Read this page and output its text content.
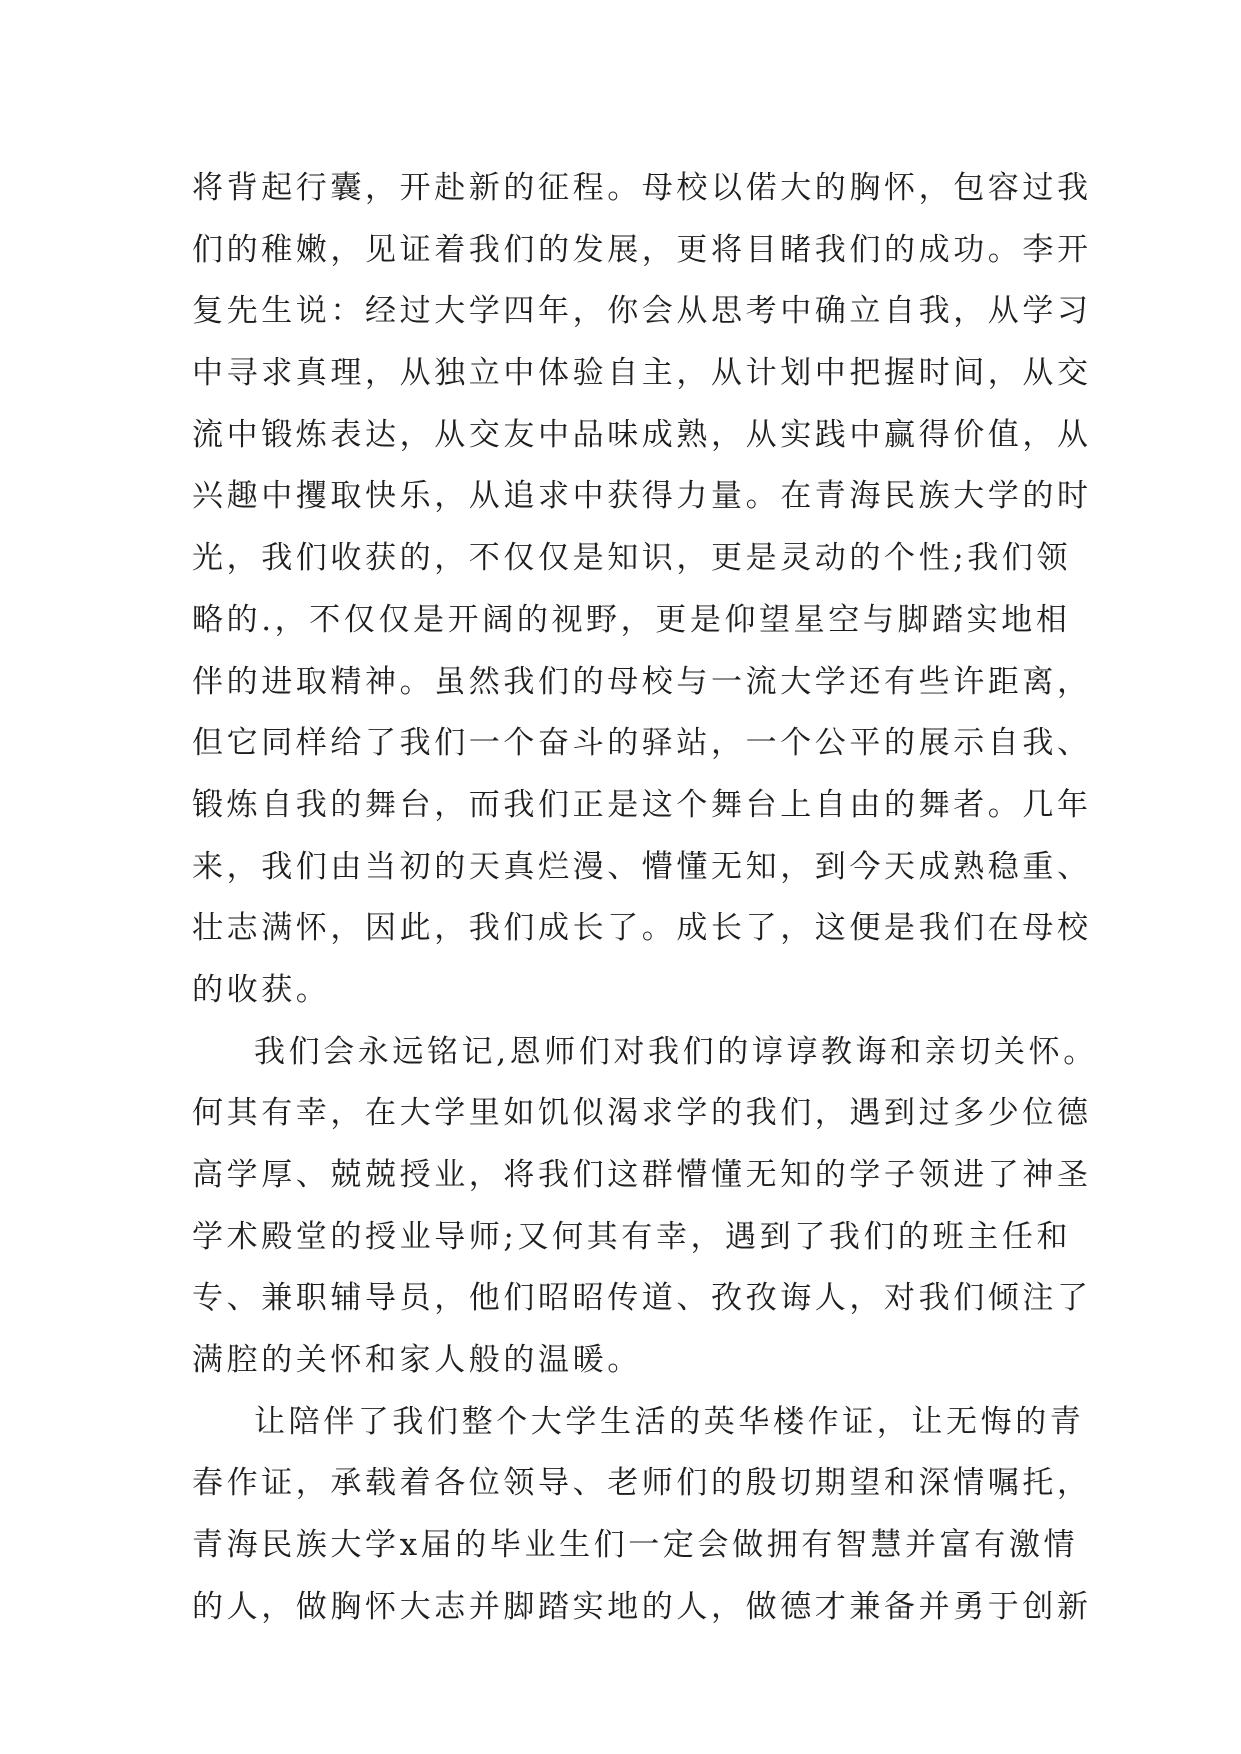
将背起行囊，开赴新的征程。母校以偌大的胸怀，包容过我
们的稚嫩，见证着我们的发展，更将目睹我们的成功。李开
复先生说：经过大学四年，你会从思考中确立自我，从学习
中寻求真理，从独立中体验自主，从计划中把握时间，从交
流中锻炼表达，从交友中品味成熟，从实践中赢得价值，从
兴趣中攫取快乐，从追求中获得力量。在青海民族大学的时
光，我们收获的，不仅仅是知识，更是灵动的个性;我们领
略的.，不仅仅是开阔的视野，更是仰望星空与脚踏实地相
伴的进取精神。虽然我们的母校与一流大学还有些许距离，
但它同样给了我们一个奋斗的驿站，一个公平的展示自我、
锻炼自我的舞台，而我们正是这个舞台上自由的舞者。几年
来，我们由当初的天真烂漫、懵懂无知，到今天成熟稳重、
壮志满怀，因此，我们成长了。成长了，这便是我们在母校
的收获。
我们会永远铭记,恩师们对我们的谆谆教诲和亲切关怀。
何其有幸，在大学里如饥似渴求学的我们，遇到过多少位德
高学厚、兢兢授业，将我们这群懵懂无知的学子领进了神圣
学术殿堂的授业导师;又何其有幸，遇到了我们的班主任和
专、兼职辅导员，他们昭昭传道、孜孜诲人，对我们倾注了
满腔的关怀和家人般的温暖。
让陪伴了我们整个大学生活的英华楼作证，让无悔的青
春作证，承载着各位领导、老师们的殷切期望和深情嘱托，
青海民族大学x届的毕业生们一定会做拥有智慧并富有激情
的人，做胸怀大志并脚踏实地的人，做德才兼备并勇于创新
